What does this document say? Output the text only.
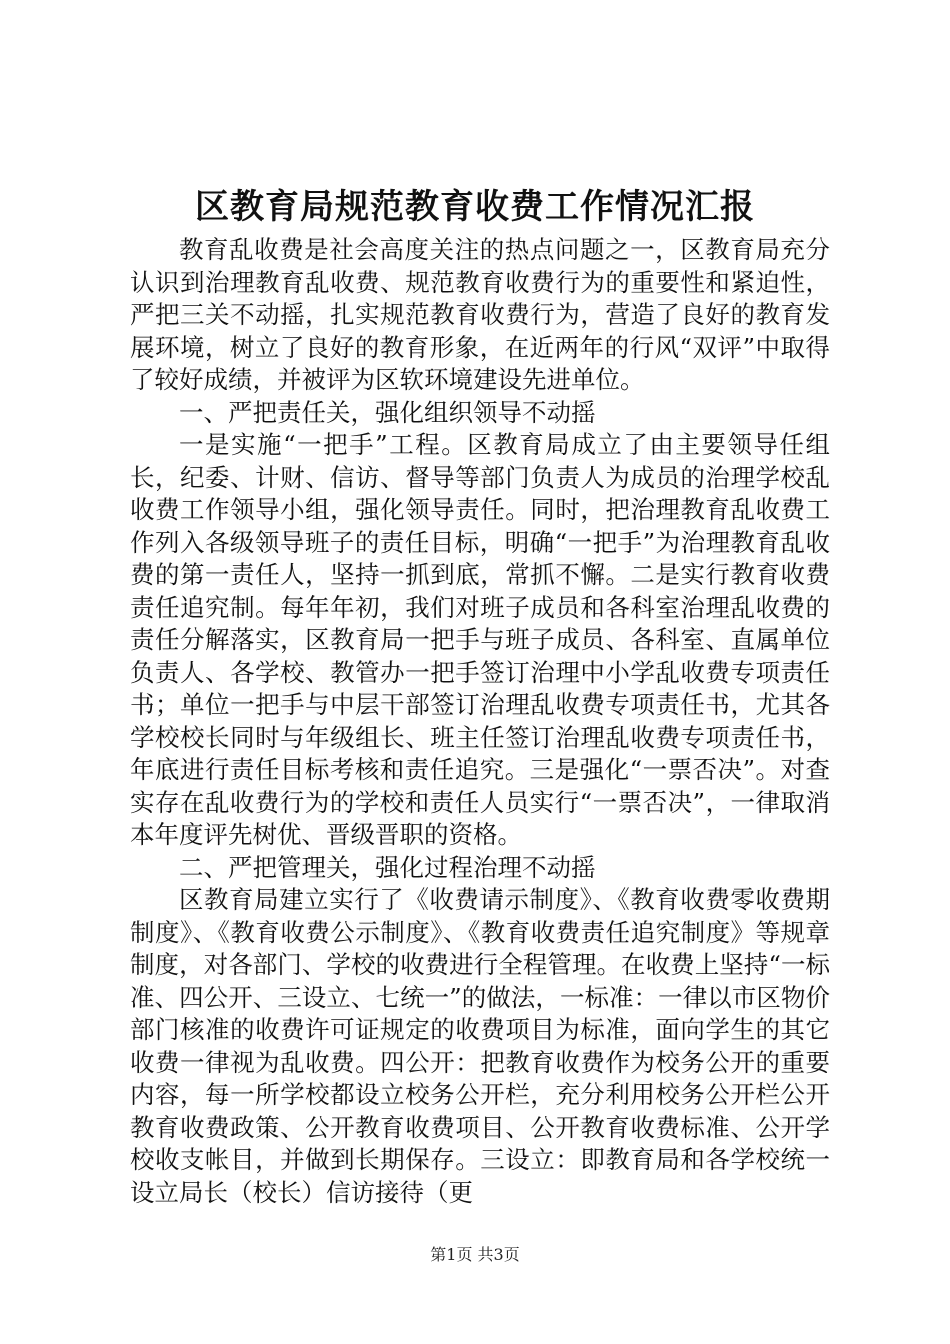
区教育局规范教育收费工作情况汇报

教育乱收费是社会高度关注的热点问题之一，区教育局充分认识到治理教育乱收费、规范教育收费行为的重要性和紧迫性，严把三关不动摇，扎实规范教育收费行为，营造了良好的教育发展环境，树立了良好的教育形象，在近两年的行风“双评”中取得了较好成绩，并被评为区软环境建设先进单位。

一、严把责任关，强化组织领导不动摇

一是实施“一把手”工程。区教育局成立了由主要领导任组长，纪委、计财、信访、督导等部门负责人为成员的治理学校乱收费工作领导小组，强化领导责任。同时，把治理教育乱收费工作列入各级领导班子的责任目标，明确“一把手”为治理教育乱收费的第一责任人，坚持一抓到底，常抓不懈。二是实行教育收费责任追究制。每年年初，我们对班子成员和各科室治理乱收费的责任分解落实，区教育局一把手与班子成员、各科室、直属单位负责人、各学校、教管办一把手签订治理中小学乱收费专项责任书；单位一把手与中层干部签订治理乱收费专项责任书，尤其各学校校长同时与年级组长、班主任签订治理乱收费专项责任书，年底进行责任目标考核和责任追究。三是强化“一票否决”。对查实存在乱收费行为的学校和责任人员实行“一票否决”，一律取消本年度评先树优、晋级晋职的资格。

二、严把管理关，强化过程治理不动摇

区教育局建立实行了《收费请示制度》、《教育收费零收费期制度》、《教育收费公示制度》、《教育收费责任追究制度》等规章制度，对各部门、学校的收费进行全程管理。在收费上坚持“一标准、四公开、三设立、七统一”的做法，一标准：一律以市区物价部门核准的收费许可证规定的收费项目为标准，面向学生的其它收费一律视为乱收费。四公开：把教育收费作为校务公开的重要内容，每一所学校都设立校务公开栏，充分利用校务公开栏公开教育收费政策、公开教育收费项目、公开教育收费标准、公开学校收支帐目，并做到长期保存。三设立：即教育局和各学校统一设立局长（校长）信访接待（更

第1页 共3页
